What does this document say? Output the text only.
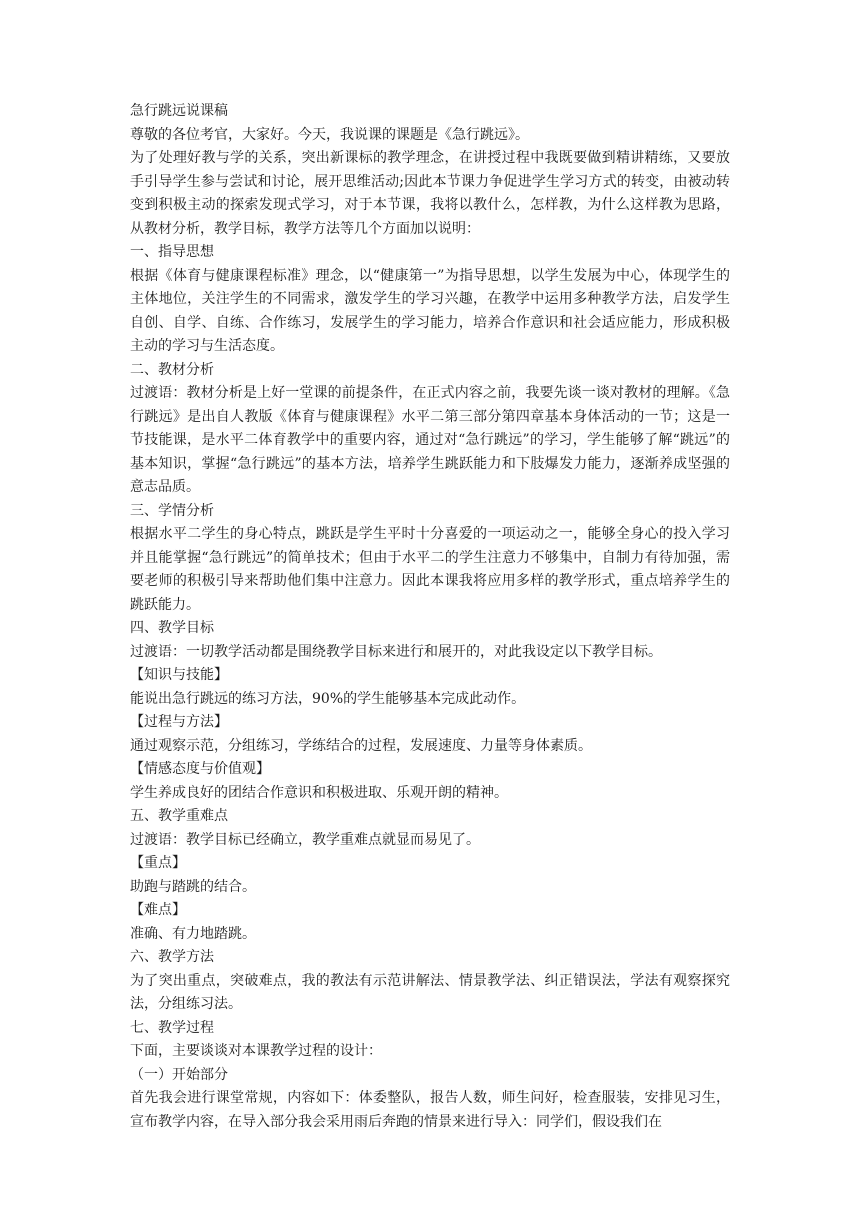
急行跳远说课稿
尊敬的各位考官，大家好。今天，我说课的课题是《急行跳远》。
为了处理好教与学的关系，突出新课标的教学理念，在讲授过程中我既要做到精讲精练，又要放手引导学生参与尝试和讨论，展开思维活动;因此本节课力争促进学生学习方式的转变，由被动转变到积极主动的探索发现式学习，对于本节课，我将以教什么，怎样教，为什么这样教为思路，从教材分析，教学目标，教学方法等几个方面加以说明：
一、指导思想
根据《体育与健康课程标准》理念，以“健康第一”为指导思想，以学生发展为中心，体现学生的主体地位，关注学生的不同需求，激发学生的学习兴趣，在教学中运用多种教学方法，启发学生自创、自学、自练、合作练习，发展学生的学习能力，培养合作意识和社会适应能力，形成积极主动的学习与生活态度。
二、教材分析
过渡语：教材分析是上好一堂课的前提条件，在正式内容之前，我要先谈一谈对教材的理解。《急行跳远》是出自人教版《体育与健康课程》水平二第三部分第四章基本身体活动的一节；这是一节技能课，是水平二体育教学中的重要内容，通过对“急行跳远”的学习，学生能够了解“跳远”的基本知识，掌握“急行跳远”的基本方法，培养学生跳跃能力和下肢爆发力能力，逐渐养成坚强的意志品质。
三、学情分析
根据水平二学生的身心特点，跳跃是学生平时十分喜爱的一项运动之一，能够全身心的投入学习并且能掌握“急行跳远”的简单技术；但由于水平二的学生注意力不够集中，自制力有待加强，需要老师的积极引导来帮助他们集中注意力。因此本课我将应用多样的教学形式，重点培养学生的跳跃能力。
四、教学目标
过渡语：一切教学活动都是围绕教学目标来进行和展开的，对此我设定以下教学目标。
【知识与技能】
能说出急行跳远的练习方法，90%的学生能够基本完成此动作。
【过程与方法】
通过观察示范，分组练习，学练结合的过程，发展速度、力量等身体素质。
【情感态度与价值观】
学生养成良好的团结合作意识和积极进取、乐观开朗的精神。
五、教学重难点
过渡语：教学目标已经确立，教学重难点就显而易见了。
【重点】
助跑与踏跳的结合。
【难点】
准确、有力地踏跳。
六、教学方法
为了突出重点，突破难点，我的教法有示范讲解法、情景教学法、纠正错误法，学法有观察探究法，分组练习法。
七、教学过程
下面，主要谈谈对本课教学过程的设计：
（一）开始部分
首先我会进行课堂常规，内容如下：体委整队，报告人数，师生问好，检查服装，安排见习生，宣布教学内容，在导入部分我会采用雨后奔跑的情景来进行导入：同学们，假设我们在
